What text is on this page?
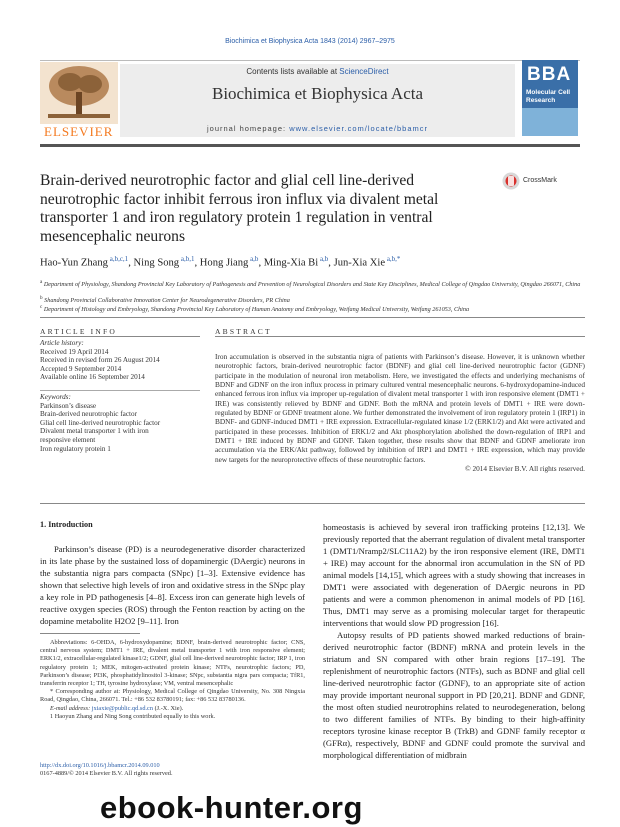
Biochimica et Biophysica Acta 1843 (2014) 2967–2975
Contents lists available at ScienceDirect
Biochimica et Biophysica Acta
journal homepage: www.elsevier.com/locate/bbamcr
ELSEVIER
BBA
Molecular Cell Research
Brain-derived neurotrophic factor and glial cell line-derived neurotrophic factor inhibit ferrous iron influx via divalent metal transporter 1 and iron regulatory protein 1 regulation in ventral mesencephalic neurons
CrossMark
Hao-Yun Zhang $^{a,b,c,1}$, Ning Song $^{a,b,1}$, Hong Jiang $^{a,b}$, Ming-Xia Bi $^{a,b}$, Jun-Xia Xie $^{a,b,*}$
$^a$ Department of Physiology, Shandong Provincial Key Laboratory of Pathogenesis and Prevention of Neurological Disorders and State Key Disciplines, Medical College of Qingdao University, Qingdao 266071, China
$^b$ Shandong Provincial Collaborative Innovation Center for Neurodegenerative Disorders, PR China
$^c$ Department of Histology and Embryology, Shandong Provincial Key Laboratory of Human Anatomy and Embryology, Weifang Medical University, Weifang 261053, China
ARTICLE INFO
Article history:
Received 19 April 2014
Received in revised form 26 August 2014
Accepted 9 September 2014
Available online 16 September 2014
Keywords:
Parkinson’s disease
Brain-derived neurotrophic factor
Glial cell line-derived neurotrophic factor
Divalent metal transporter 1 with iron
responsive element
Iron regulatory protein 1
ABSTRACT
Iron accumulation is observed in the substantia nigra of patients with Parkinson’s disease. However, it is unknown whether neurotrophic factors, brain-derived neurotrophic factor (BDNF) and glial cell line-derived neurotrophic factor (GDNF) participate in the modulation of neuronal iron metabolism. Here, we investigated the effects and underlying mechanisms of BDNF and GDNF on the iron influx process in primary cultured ventral mesencephalic neurons. 6-hydroxydopamine-induced enhanced ferrous iron influx via improper up-regulation of divalent metal transporter 1 with iron responsive element (DMT1 + IRE) was consistently relieved by BDNF and GDNF. Both the mRNA and protein levels of DMT1 + IRE were down-regulated by BDNF or GDNF treatment alone. We further demonstrated the involvement of iron regulatory protein 1 (IRP1) in BDNF- and GDNF-induced DMT1 + IRE expression. Extracellular-regulated kinase 1/2 (ERK1/2) and Akt were activated and participated in these processes. Inhibition of ERK1/2 and Akt phosphorylation abolished the down-regulation of IRP1 and DMT1 + IRE induced by BDNF and GDNF. Taken together, these results show that BDNF and GDNF ameliorate iron accumulation via the ERK/Akt pathway, followed by inhibition of IRP1 and DMT1 + IRE expression, which may provide new targets for the neuroprotective effects of these neurotrophic factors.
© 2014 Elsevier B.V. All rights reserved.
1. Introduction

Parkinson’s disease (PD) is a neurodegenerative disorder characterized in its late phase by the sustained loss of dopaminergic (DAergic) neurons in the substantia nigra pars compacta (SNpc) [1–3]. Extensive evidence has shown that selective high levels of iron and oxidative stress in the SNpc play a key role in PD pathogenesis [4–8]. Excess iron can generate high levels of reactive oxygen species (ROS) through the Fenton reaction by acting on the dopamine metabolite H2O2 [9–11]. Iron

homeostasis is achieved by several iron trafficking proteins [12,13]. We previously reported that the aberrant regulation of divalent metal transporter 1 (DMT1/Nramp2/SLC11A2) by the iron responsive element (IRE, DMT1 + IRE) may account for the abnormal iron accumulation in the SN of PD animal models [14,15], which agrees with a study showing that increases in DMT1 were associated with degeneration of DAergic neurons in PD patients and were a common phenomenon in animal models of PD [16]. Thus, DMT1 may serve as a promising molecular target for therapeutic interventions that would slow PD progression [16].

Autopsy results of PD patients showed marked reductions of brain-derived neurotrophic factor (BDNF) mRNA and protein levels in the striatum and SN compared with other brain regions [17–19]. The replenishment of neurotrophic factors (NTFs), such as BDNF and glial cell line-derived neurotrophic factor (GDNF), to an appropriate site of action may provide important neuronal support in PD [20,21]. BDNF and GDNF, the most often studied neurotrophins related to neurodegeneration, belong to two different families of NTFs. By binding to their high-affinity receptors tyrosine kinase receptor B (TrkB) and GDNF family receptor α (GFRα), respectively, BDNF and GDNF could promote the survival and morphological differentiation of midbrain

Abbreviations: 6-OHDA, 6-hydroxydopamine; BDNF, brain-derived neurotrophic factor; CNS, central nervous system; DMT1 + IRE, divalent metal transporter 1 with iron responsive element; ERK1/2, extracellular-regulated kinase1/2; GDNF, glial cell line-derived neurotrophic factor; IRP 1, iron regulatory protein 1; MEK, mitogen-activated protein kinase; NTFs, neurotrophic factors; PD, Parkinson’s disease; PI3K, phosphatidylinositol 3-kinase; SNpc, substantia nigra pars compacta; TfR1, transferrin receptor 1; TH, tyrosine hydroxylase; VM, ventral mesencephalic

* Corresponding author at: Physiology, Medical College of Qingdao University, No. 308 Ningxia Road, Qingdao, China, 266071. Tel.: +86 532 83780191; fax: +86 532 83780136.

E-mail address: jxiaxie@public.qd.sd.cn (J.-X. Xie).

1 Haoyun Zhang and Ning Song contributed equally to this work.

http://dx.doi.org/10.1016/j.bbamcr.2014.09.010
0167-4889/© 2014 Elsevier B.V. All rights reserved.
ebook-hunter.org
